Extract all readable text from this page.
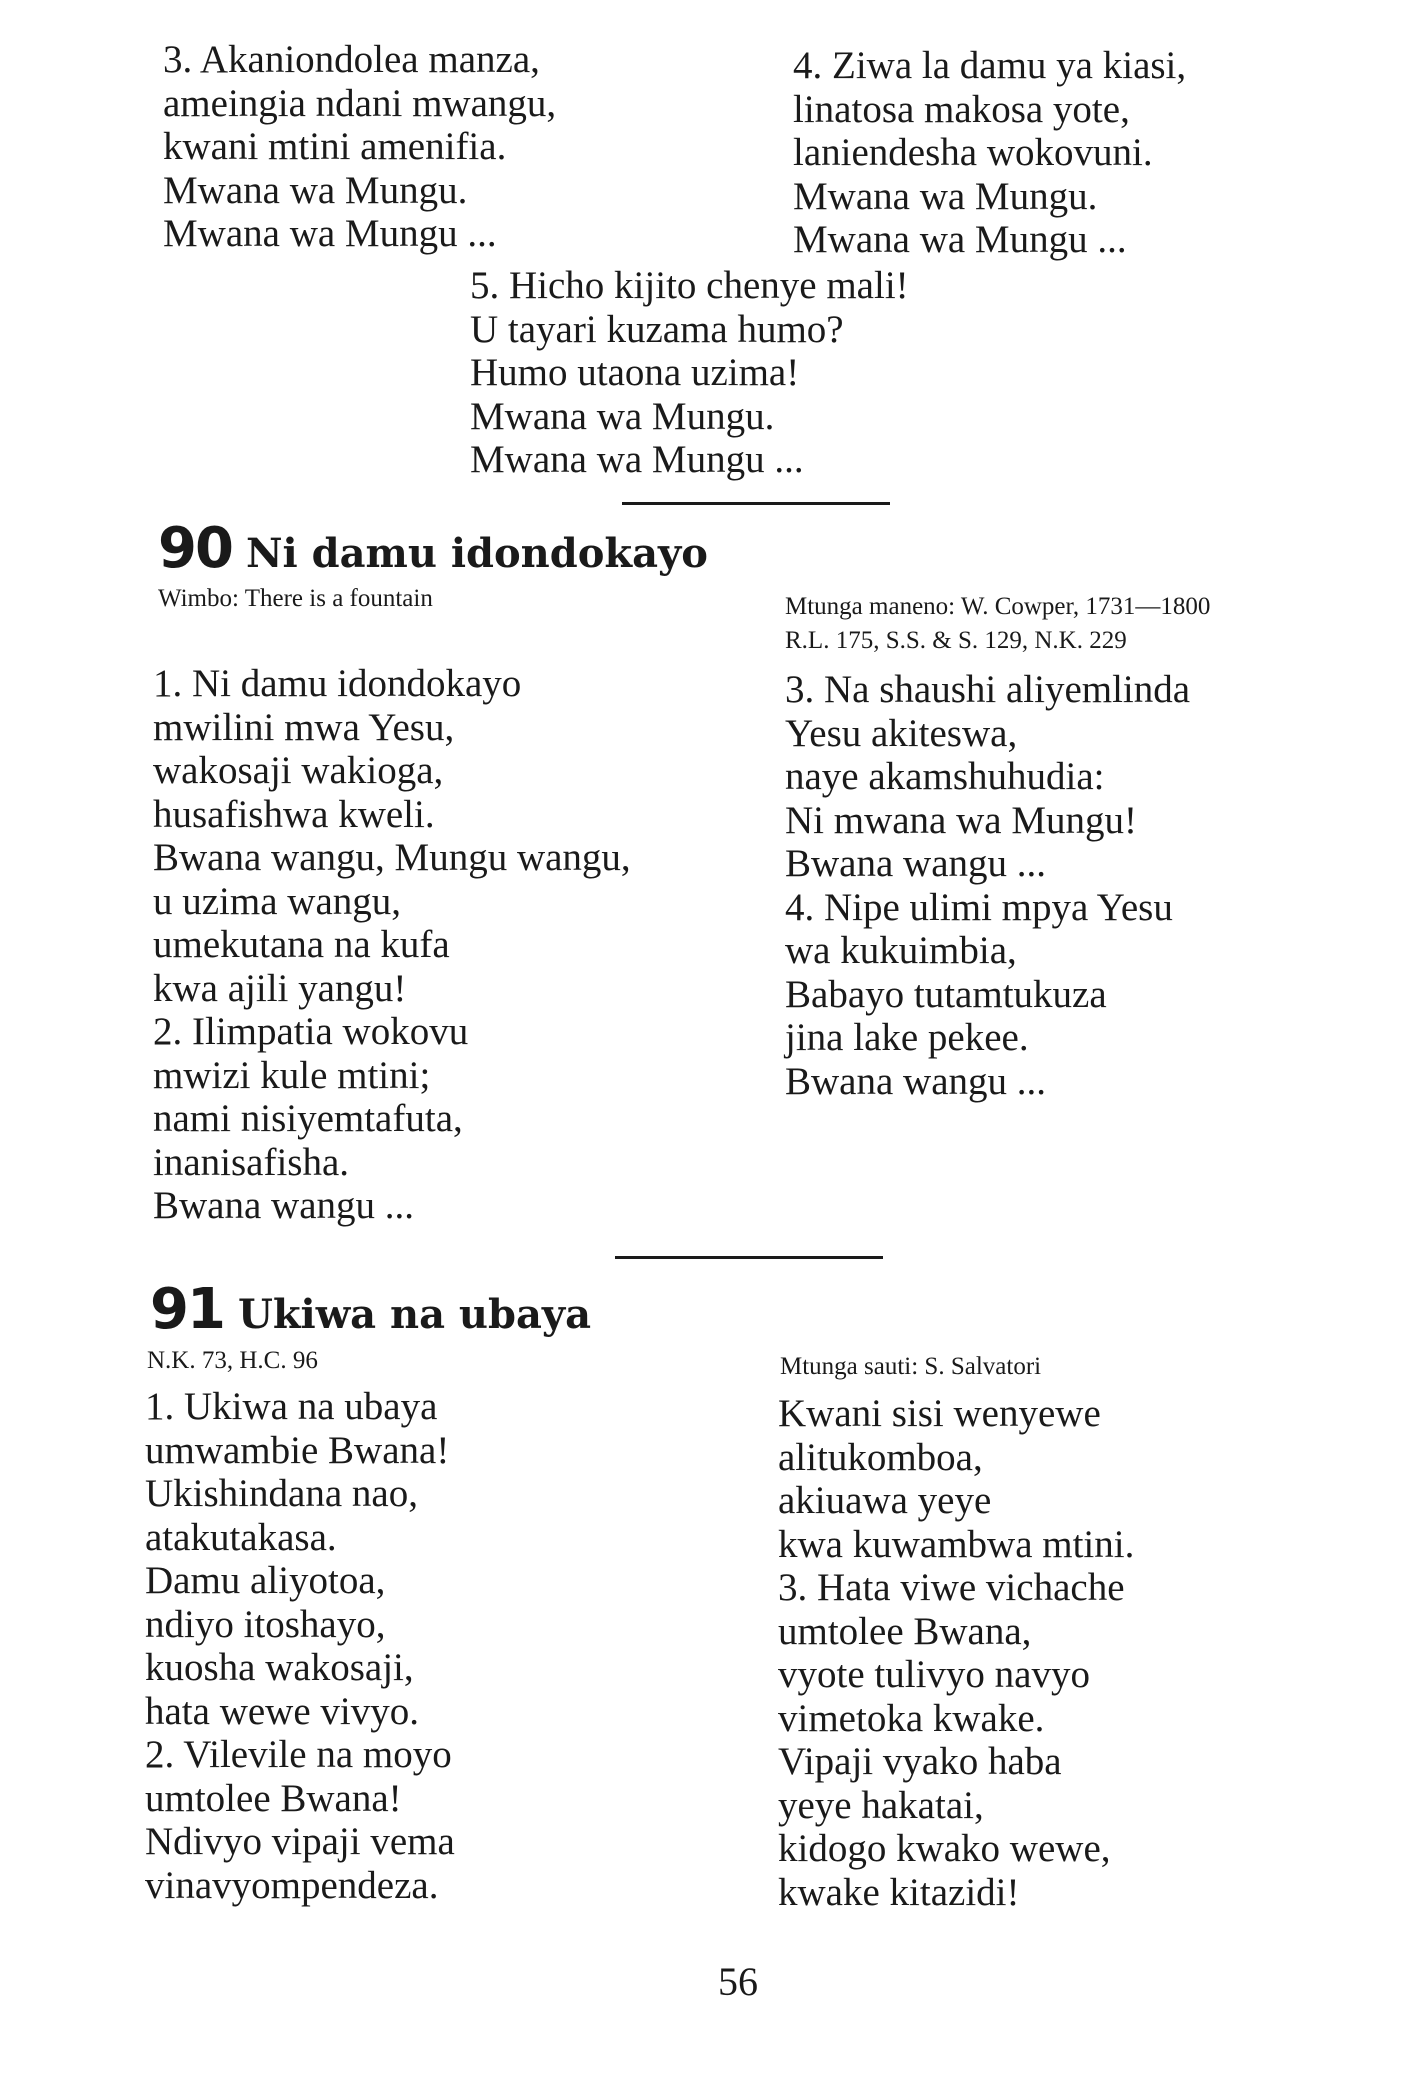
3. Akaniondolea manza,
ameingia ndani mwangu,
kwani mtini amenifia.
Mwana wa Mungu.
Mwana wa Mungu ...
4. Ziwa la damu ya kiasi,
linatosa makosa yote,
laniendesha wokovuni.
Mwana wa Mungu.
Mwana wa Mungu ...
5. Hicho kijito chenye mali!
U tayari kuzama humo?
Humo utaona uzima!
Mwana wa Mungu.
Mwana wa Mungu ...
90 Ni damu idondokayo
Wimbo: There is a fountain	Mtunga maneno: W. Cowper, 1731—1800
R.L. 175, S.S. & S. 129, N.K. 229
1. Ni damu idondokayo
mwilini mwa Yesu,
wakosaji wakioga,
husafishwa kweli.
Bwana wangu, Mungu wangu,
u uzima wangu,
umekutana na kufa
kwa ajili yangu!
2. Ilimpatia wokovu
mwizi kule mtini;
nami nisiyemtafuta,
inanisafisha.
Bwana wangu ...
3. Na shaushi aliyemlinda
Yesu akiteswa,
naye akamshuhudia:
Ni mwana wa Mungu!
Bwana wangu ...
4. Nipe ulimi mpya Yesu
wa kukuimbia,
Babayo tutamtukuza
jina lake pekee.
Bwana wangu ...
91 Ukiwa na ubaya
N.K. 73, H.C. 96	Mtunga sauti: S. Salvatori
1. Ukiwa na ubaya
umwambie Bwana!
Ukishindana nao,
atakutakasa.
Damu aliyotoa,
ndiyo itoshayo,
kuosha wakosaji,
hata wewe vivyo.
2. Vilevile na moyo
umtolee Bwana!
Ndivyo vipaji vema
vinavyompendeza.
Kwani sisi wenyewe
alitukomboa,
akiuawa yeye
kwa kuwambwa mtini.
3. Hata viwe vichache
umtolee Bwana,
vyote tulivyo navyo
vimetoka kwake.
Vipaji vyako haba
yeye hakatai,
kidogo kwako wewe,
kwake kitazidi!
56
